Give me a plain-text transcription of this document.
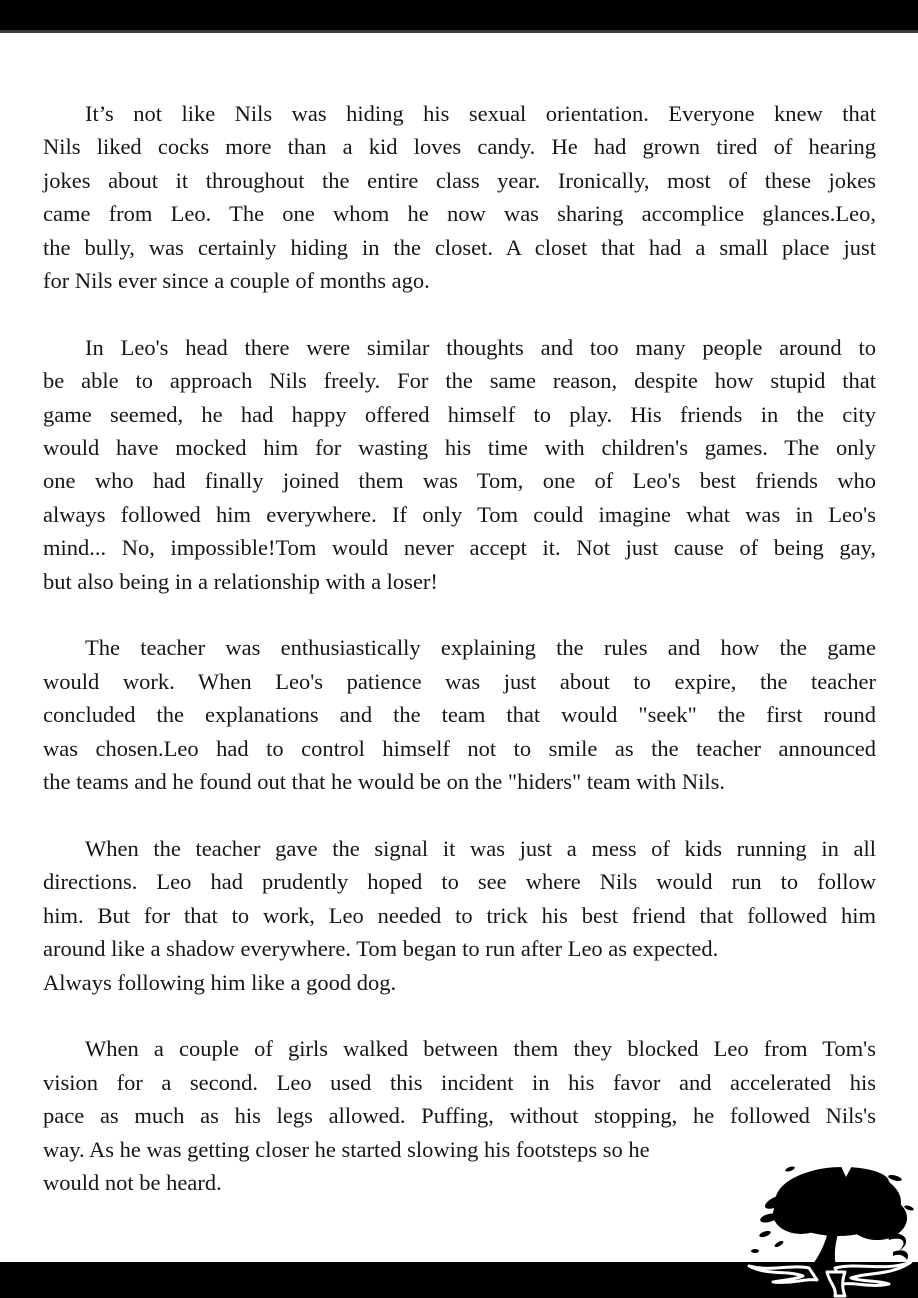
It’s not like Nils was hiding his sexual orientation. Everyone knew that
Nils liked cocks more than a kid loves candy. He had grown tired of hearing
jokes about it throughout the entire class year. Ironically, most of these jokes
came from Leo. The one whom he now was sharing accomplice glances.Leo,
the bully, was certainly hiding in the closet. A closet that had a small place just
for Nils ever since a couple of months ago.
In Leo's head there were similar thoughts and too many people around to
be able to approach Nils freely. For the same reason, despite how stupid that
game seemed, he had happy offered himself to play. His friends in the city
would have mocked him for wasting his time with children's games. The only
one who had finally joined them was Tom, one of Leo's best friends who
always followed him everywhere. If only Tom could imagine what was in Leo's
mind... No, impossible!Tom would never accept it. Not just cause of being gay,
but also being in a relationship with a loser!
The teacher was enthusiastically explaining the rules and how the game
would work. When Leo's patience was just about to expire, the teacher
concluded the explanations and the team that would "seek" the first round
was chosen.Leo had to control himself not to smile as the teacher announced
the teams and he found out that he would be on the "hiders" team with Nils.
When the teacher gave the signal it was just a mess of kids running in all
directions. Leo had prudently hoped to see where Nils would run to follow
him. But for that to work, Leo needed to trick his best friend that followed him
around like a shadow everywhere. Tom began to run after Leo as expected.
Always following him like a good dog.
When a couple of girls walked between them they blocked Leo from Tom's
vision for a second. Leo used this incident in his favor and accelerated his
pace as much as his legs allowed. Puffing, without stopping, he followed Nils's
way. As he was getting closer he started slowing his footsteps so he
would not be heard.
